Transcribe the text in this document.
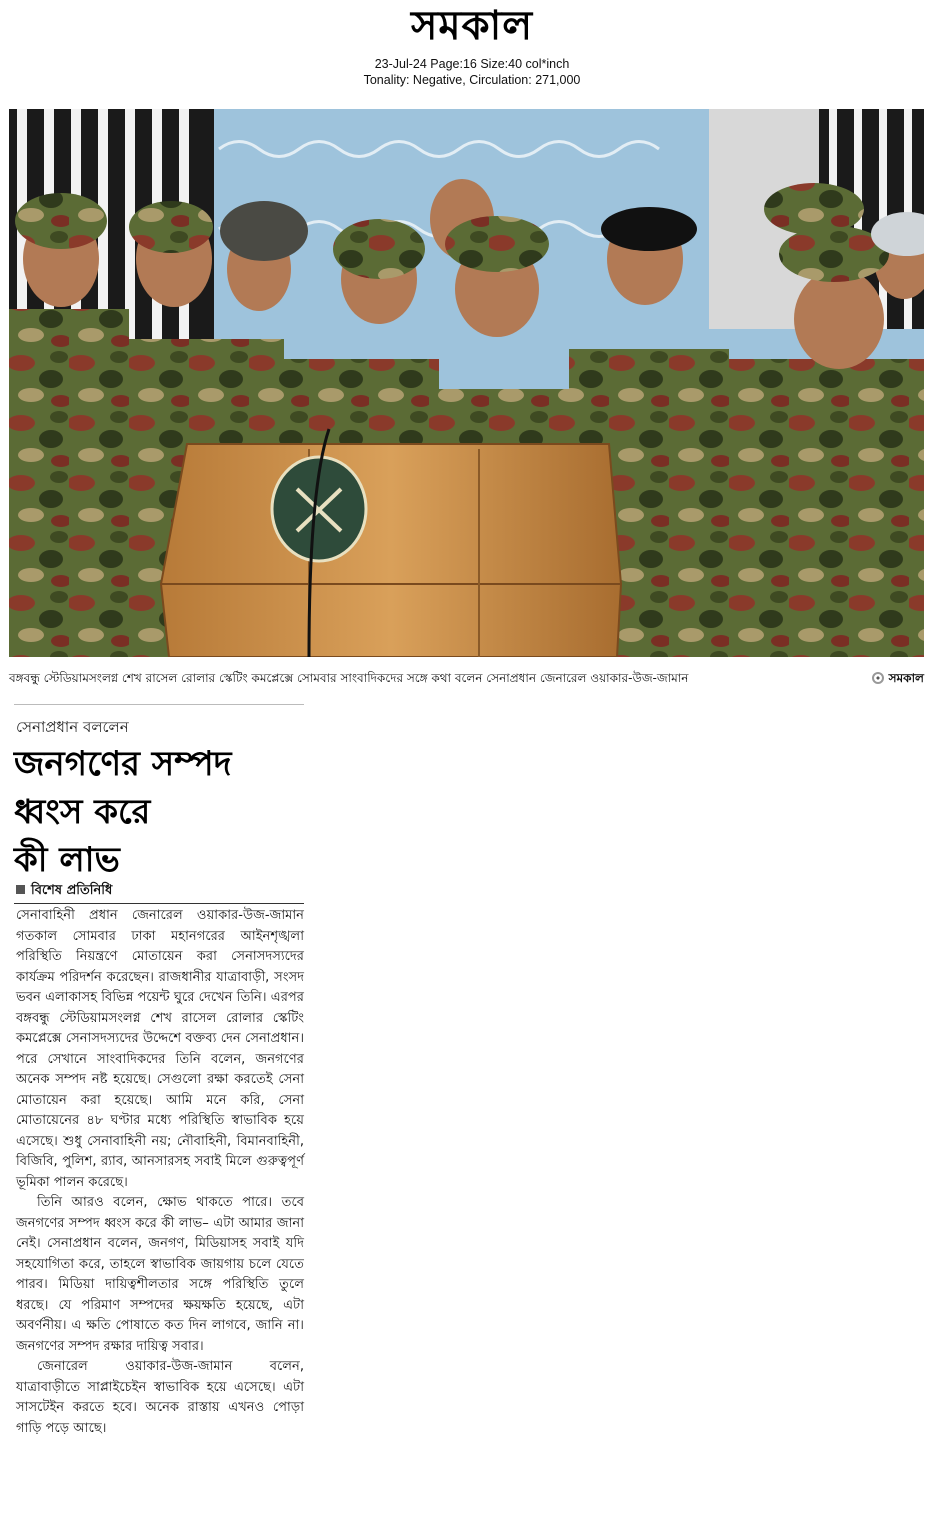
সমকাল
23-Jul-24 Page:16 Size:40 col*inch
Tonality: Negative, Circulation: 271,000
বঙ্গবন্ধু স্টেডিয়ামসংলগ্ন শেখ রাসেল রোলার স্কেটিং কমপ্লেক্সে সোমবার সাংবাদিকদের সঙ্গে কথা বলেন সেনাপ্রধান জেনারেল ওয়াকার-উজ-জামান	সমকাল
সেনাপ্রধান বললেন
জনগণের সম্পদ
ধ্বংস করে
কী লাভ
বিশেষ প্রতিনিধি

সেনাবাহিনী প্রধান জেনারেল ওয়াকার-উজ-জামান গতকাল সোমবার ঢাকা মহানগরের আইনশৃঙ্খলা পরিস্থিতি নিয়ন্ত্রণে মোতায়েন করা সেনাসদস্যদের কার্যক্রম পরিদর্শন করেছেন। রাজধানীর যাত্রাবাড়ী, সংসদ ভবন এলাকাসহ বিভিন্ন পয়েন্ট ঘুরে দেখেন তিনি। এরপর বঙ্গবন্ধু স্টেডিয়ামসংলগ্ন শেখ রাসেল রোলার স্কেটিং কমপ্লেক্সে সেনাসদস্যদের উদ্দেশে বক্তব্য দেন সেনাপ্রধান। পরে সেখানে সাংবাদিকদের তিনি বলেন, জনগণের অনেক সম্পদ নষ্ট হয়েছে। সেগুলো রক্ষা করতেই সেনা মোতায়েন করা হয়েছে। আমি মনে করি, সেনা মোতায়েনের ৪৮ ঘণ্টার মধ্যে পরিস্থিতি স্বাভাবিক হয়ে এসেছে। শুধু সেনাবাহিনী নয়; নৌবাহিনী, বিমানবাহিনী, বিজিবি, পুলিশ, র‍্যাব, আনসারসহ সবাই মিলে গুরুত্বপূর্ণ ভূমিকা পালন করেছে।

তিনি আরও বলেন, ক্ষোভ থাকতে পারে। তবে জনগণের সম্পদ ধ্বংস করে কী লাভ– এটা আমার জানা নেই। সেনাপ্রধান বলেন, জনগণ, মিডিয়াসহ সবাই যদি সহযোগিতা করে, তাহলে স্বাভাবিক জায়গায় চলে যেতে পারব। মিডিয়া দায়িত্বশীলতার সঙ্গে পরিস্থিতি তুলে ধরছে। যে পরিমাণ সম্পদের ক্ষয়ক্ষতি হয়েছে, এটা অবর্ণনীয়। এ ক্ষতি পোষাতে কত দিন লাগবে, জানি না। জনগণের সম্পদ রক্ষার দায়িত্ব সবার।

জেনারেল ওয়াকার-উজ-জামান বলেন, যাত্রাবাড়ীতে সাপ্লাইচেইন স্বাভাবিক হয়ে এসেছে। এটা সাসটেইন করতে হবে। অনেক রাস্তায় এখনও পোড়া গাড়ি পড়ে আছে।
